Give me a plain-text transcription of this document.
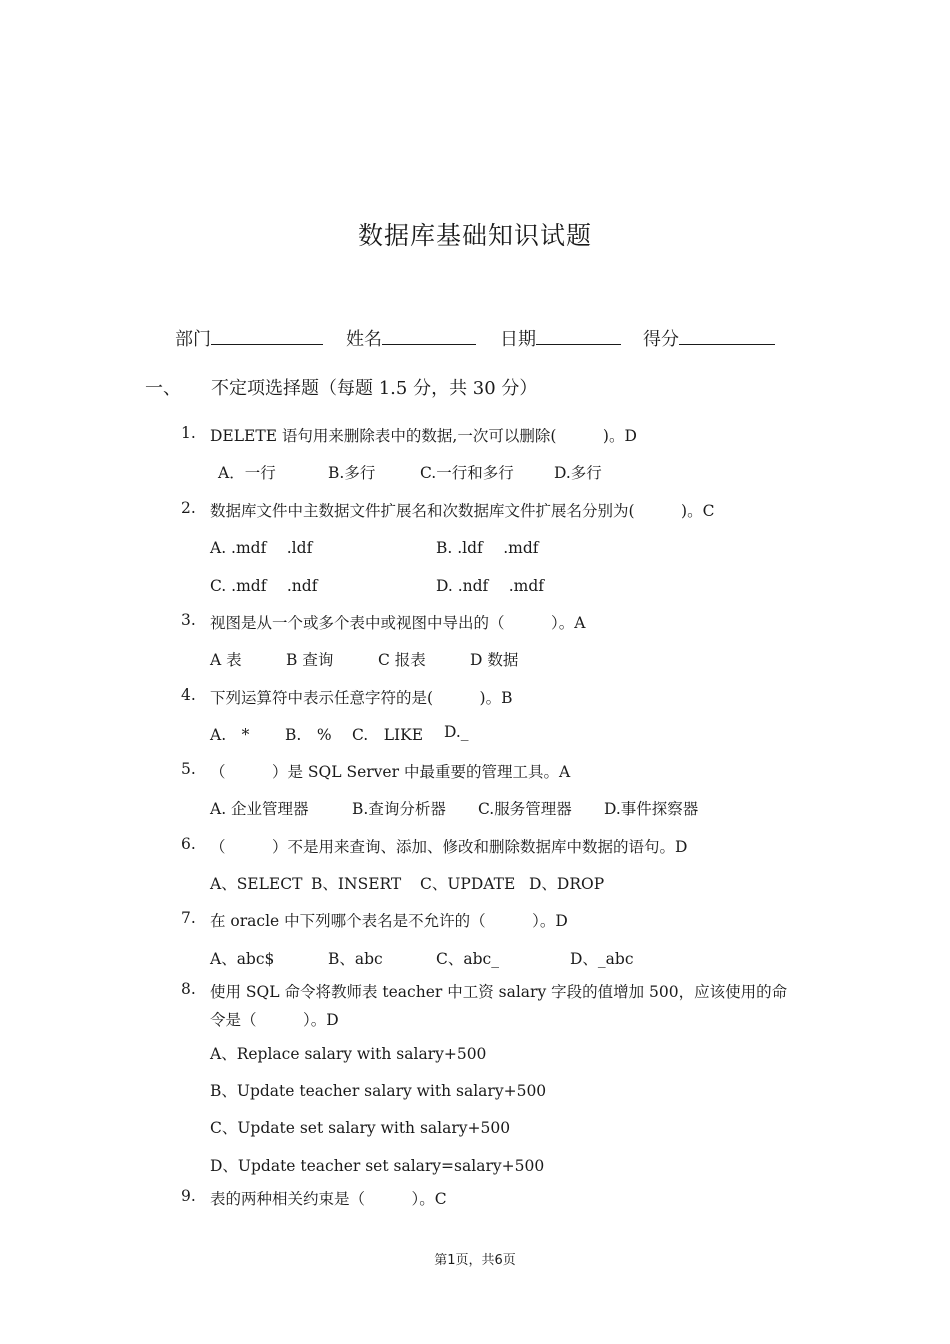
数据库基础知识试题
部门	姓名	日期	得分
一、 不定项选择题（每题 1.5 分，共 30 分）
1. DELETE 语句用来删除表中的数据,一次可以删除(　　　)。D
A．一行	B.多行	C.一行和多行	D.多行
2. 数据库文件中主数据文件扩展名和次数据库文件扩展名分别为(　　　)。C
A. .mdf　 .ldf	B. .ldf　 .mdf
C. .mdf　 .ndf	D. .ndf　 .mdf
3. 视图是从一个或多个表中或视图中导出的（　　　）。A
A 表	B 查询	C 报表	D 数据
4. 下列运算符中表示任意字符的是(　　　)。B
A.　* B.　% C.　LIKE D._
5. （　　　）是 SQL Server 中最重要的管理工具。A
A. 企业管理器	B.查询分析器 C.服务管理器 D.事件探察器
6. （　　　）不是用来查询、添加、修改和删除数据库中数据的语句。D
A、SELECT B、INSERT C、UPDATE D、DROP
7. 在 oracle 中下列哪个表名是不允许的（　　　）。D
A、abc$	B、abc	C、abc_	D、_abc
8. 使用 SQL 命令将教师表 teacher 中工资 salary 字段的值增加 500，应该使用的命
令是（　　　）。D
A、Replace salary with salary+500
B、Update teacher salary with salary+500
C、Update set salary with salary+500
D、Update teacher set salary=salary+500
9. 表的两种相关约束是（　　　）。C
第1页，共6页
